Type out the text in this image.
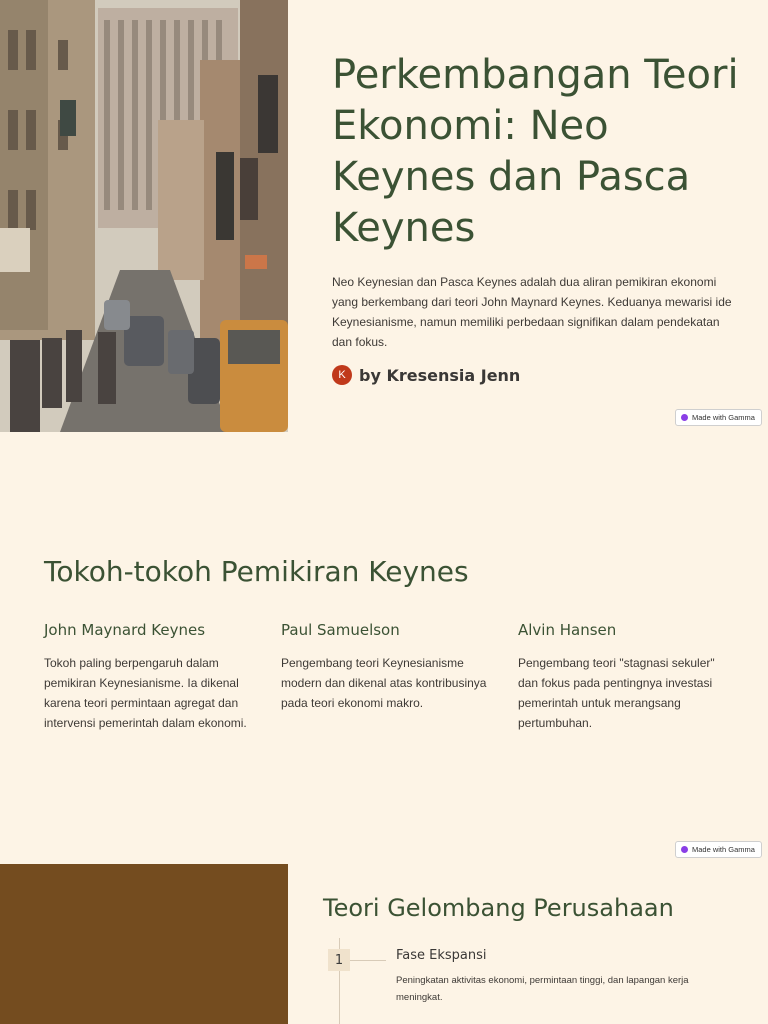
Perkembangan Teori Ekonomi: Neo Keynes dan Pasca Keynes

Neo Keynesian dan Pasca Keynes adalah dua aliran pemikiran ekonomi yang berkembang dari teori John Maynard Keynes. Keduanya mewarisi ide Keynesianisme, namun memiliki perbedaan signifikan dalam pendekatan dan fokus.

K by Kresensia Jenn
Made with Gamma
Tokoh-tokoh Pemikiran Keynes
John Maynard Keynes

Tokoh paling berpengaruh dalam pemikiran Keynesianisme. Ia dikenal karena teori permintaan agregat dan intervensi pemerintah dalam ekonomi.

Paul Samuelson

Pengembang teori Keynesianisme modern dan dikenal atas kontribusinya pada teori ekonomi makro.

Alvin Hansen

Pengembang teori "stagnasi sekuler" dan fokus pada pentingnya investasi pemerintah untuk merangsang pertumbuhan.

Made with Gamma
Teori Gelombang Perusahaan
1	Fase Ekspansi

Peningkatan aktivitas ekonomi, permintaan tinggi, dan lapangan kerja meningkat.
